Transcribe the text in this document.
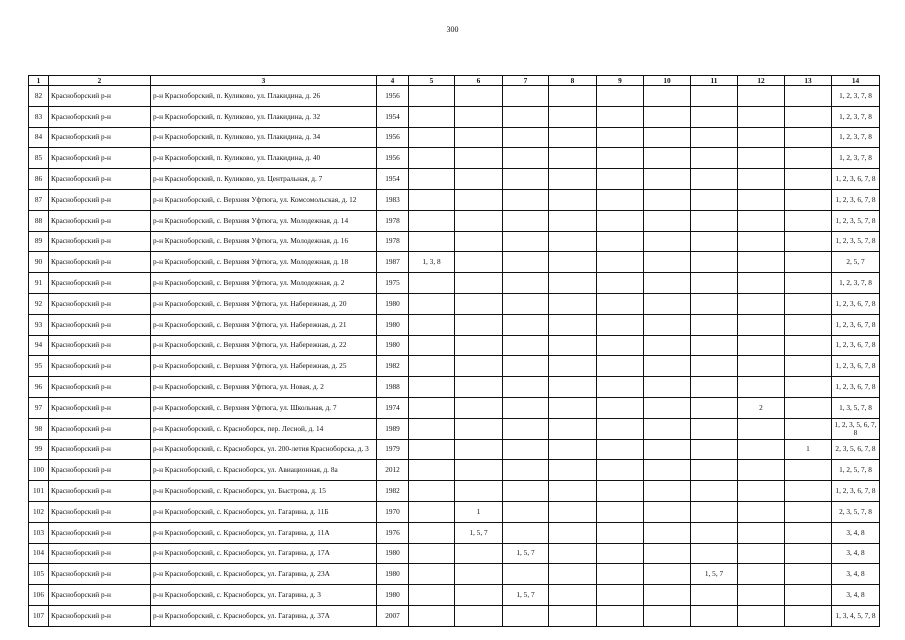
300
1	2	3	4	5	6	7	8	9	10	11	12	13	14
82	Красноборский р-н	р-н Красноборский, п. Куликово, ул. Плакидина, д. 26	1956										1, 2, 3, 7, 8
83	Красноборский р-н	р-н Красноборский, п. Куликово, ул. Плакидина, д. 32	1954										1, 2, 3, 7, 8
84	Красноборский р-н	р-н Красноборский, п. Куликово, ул. Плакидина, д. 34	1956										1, 2, 3, 7, 8
85	Красноборский р-н	р-н Красноборский, п. Куликово, ул. Плакидина, д. 40	1956										1, 2, 3, 7, 8
86	Красноборский р-н	р-н Красноборский, п. Куликово, ул. Центральная, д. 7	1954										1, 2, 3, 6, 7, 8
87	Красноборский р-н	р-н Красноборский, с. Верхняя Уфтюга, ул. Комсомольская, д. 12	1983										1, 2, 3, 6, 7, 8
88	Красноборский р-н	р-н Красноборский, с. Верхняя Уфтюга, ул. Молодежная, д. 14	1978										1, 2, 3, 5, 7, 8
89	Красноборский р-н	р-н Красноборский, с. Верхняя Уфтюга, ул. Молодежная, д. 16	1978										1, 2, 3, 5, 7, 8
90	Красноборский р-н	р-н Красноборский, с. Верхняя Уфтюга, ул. Молодежная, д. 18	1987	1, 3, 8									2, 5, 7
91	Красноборский р-н	р-н Красноборский, с. Верхняя Уфтюга, ул. Молодежная, д. 2	1975										1, 2, 3, 7, 8
92	Красноборский р-н	р-н Красноборский, с. Верхняя Уфтюга, ул. Набережная, д. 20	1980										1, 2, 3, 6, 7, 8
93	Красноборский р-н	р-н Красноборский, с. Верхняя Уфтюга, ул. Набережная, д. 21	1980										1, 2, 3, 6, 7, 8
94	Красноборский р-н	р-н Красноборский, с. Верхняя Уфтюга, ул. Набережная, д. 22	1980										1, 2, 3, 6, 7, 8
95	Красноборский р-н	р-н Красноборский, с. Верхняя Уфтюга, ул. Набережная, д. 25	1982										1, 2, 3, 6, 7, 8
96	Красноборский р-н	р-н Красноборский, с. Верхняя Уфтюга, ул. Новая, д. 2	1988										1, 2, 3, 6, 7, 8
97	Красноборский р-н	р-н Красноборский, с. Верхняя Уфтюга, ул. Школьная, д. 7	1974								2		1, 3, 5, 7, 8
98	Красноборский р-н	р-н Красноборский, с. Красноборск, пер. Лесной, д. 14	1989										1, 2, 3, 5, 6, 7, 8
99	Красноборский р-н	р-н Красноборский, с. Красноборск, ул. 200-летия Красноборска, д. 3	1979									1	2, 3, 5, 6, 7, 8
100	Красноборский р-н	р-н Красноборский, с. Красноборск, ул. Авиационная, д. 8а	2012										1, 2, 5, 7, 8
101	Красноборский р-н	р-н Красноборский, с. Красноборск, ул. Быстрова, д. 15	1982										1, 2, 3, 6, 7, 8
102	Красноборский р-н	р-н Красноборский, с. Красноборск, ул. Гагарина, д. 11Б	1970		1								2, 3, 5, 7, 8
103	Красноборский р-н	р-н Красноборский, с. Красноборск, ул. Гагарина, д. 11А	1976		1, 5, 7								3, 4, 8
104	Красноборский р-н	р-н Красноборский, с. Красноборск, ул. Гагарина, д. 17А	1980			1, 5, 7							3, 4, 8
105	Красноборский р-н	р-н Красноборский, с. Красноборск, ул. Гагарина, д. 23А	1980							1, 5, 7			3, 4, 8
106	Красноборский р-н	р-н Красноборский, с. Красноборск, ул. Гагарина, д. 3	1980			1, 5, 7							3, 4, 8
107	Красноборский р-н	р-н Красноборский, с. Красноборск, ул. Гагарина, д. 37А	2007										1, 3, 4, 5, 7, 8
